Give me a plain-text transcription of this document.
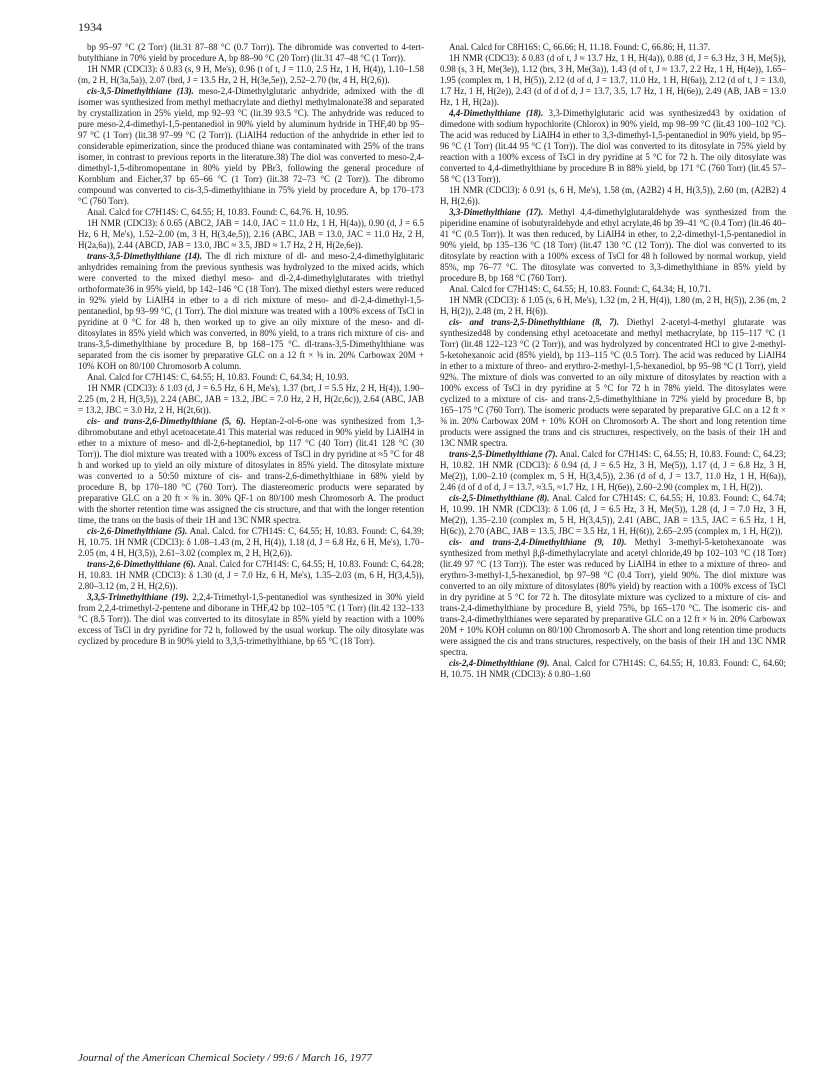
1934

bp 95–97 °C (2 Torr) (lit.31 87–88 °C (0.7 Torr)). The dibromide was converted to 4-tert-butylthiane in 70% yield by procedure A, bp 88–90 °C (20 Torr) (lit.31 47–48 °C (1 Torr)).

1H NMR (CDCl3): δ 0.83 (s, 9 H, Me's), 0.96 (t of t, J = 11.0, 2.5 Hz, 1 H, H(4)), 1.10–1.58 (m, 2 H, H(3a,5a)), 2.07 (brd, J = 13.5 Hz, 2 H, H(3e,5e)), 2.52–2.70 (br, 4 H, H(2,6)).

cis-3,5-Dimethylthiane (13). meso-2,4-Dimethylglutaric anhydride, admixed with the dl isomer was synthesized from methyl methacrylate and diethyl methylmalonate38 and separated by crystallization in 25% yield, mp 92–93 °C (lit.39 93.5 °C). The anhydride was reduced to pure meso-2,4-dimethyl-1,5-pentanediol in 90% yield by aluminum hydride in THF,40 bp 95–97 °C (1 Torr) (lit.38 97–99 °C (2 Torr)). (LiAlH4 reduction of the anhydride in ether led to considerable epimerization, since the produced thiane was contaminated with 25% of the trans isomer, in contrast to previous reports in the literature.38) The diol was converted to meso-2,4-dimethyl-1,5-dibromopentane in 80% yield by PBr3, following the general procedure of Kornblum and Eicher,37 bp 65–66 °C (1 Torr) (lit.38 72–73 °C (2 Torr)). The dibromo compound was converted to cis-3,5-dimethylthiane in 75% yield by procedure A, bp 170–173 °C (760 Torr).

Anal. Calcd for C7H14S: C, 64.55; H, 10.83. Found: C, 64.76. H, 10.95.

1H NMR (CDCl3): δ 0.65 (ABC2, JAB = 14.0, JAC = 11.0 Hz, 1 H, H(4a)), 0.90 (d, J = 6.5 Hz, 6 H, Me's), 1.52–2.00 (m, 3 H, H(3,4e,5)), 2.16 (ABC, JAB = 13.0, JAC = 11.0 Hz, 2 H, H(2a,6a)), 2.44 (ABCD, JAB = 13.0, JBC ≈ 3.5, JBD ≈ 1.7 Hz, 2 H, H(2e,6e)).

trans-3,5-Dimethylthiane (14). The dl rich mixture of dl- and meso-2,4-dimethylglutaric anhydrides remaining from the previous synthesis was hydrolyzed to the mixed acids, which were converted to the mixed diethyl meso- and dl-2,4-dimethylglutarates with triethyl orthoformate36 in 95% yield, bp 142–146 °C (18 Torr). The mixed diethyl esters were reduced in 92% yield by LiAlH4 in ether to a dl rich mixture of meso- and dl-2,4-dimethyl-1,5-pentanediol, bp 93–99 °C, (1 Torr). The diol mixture was treated with a 100% excess of TsCl in pyridine at 0 °C for 48 h, then worked up to give an oily mixture of the meso- and dl-ditosylates in 85% yield which was converted, in 80% yield, to a trans rich mixture of cis- and trans-3,5-dimethylthiane by procedure B, bp 168–175 °C. dl-trans-3,5-Dimethylthiane was separated from the cis isomer by preparative GLC on a 12 ft × ⅜ in. 20% Carbowax 20M + 10% KOH on 80/100 Chromosorb A column.

Anal. Calcd for C7H14S: C, 64.55; H, 10.83. Found: C, 64.34; H, 10.93.

1H NMR (CDCl3): δ 1.03 (d, J = 6.5 Hz, 6 H, Me's), 1.37 (brt, J = 5.5 Hz, 2 H, H(4)), 1.90–2.25 (m, 2 H, H(3,5)), 2.24 (ABC, JAB = 13.2, JBC = 7.0 Hz, 2 H, H(2c,6c)), 2.64 (ABC, JAB = 13.2, JBC = 3.0 Hz, 2 H, H(2t,6t)).

cis- and trans-2,6-Dimethylthiane (5, 6). Heptan-2-ol-6-one was synthesized from 1,3-dibromobutane and ethyl acetoacetate.41 This material was reduced in 90% yield by LiAlH4 in ether to a mixture of meso- and dl-2,6-heptanediol, bp 117 °C (40 Torr) (lit.41 128 °C (30 Torr)). The diol mixture was treated with a 100% excess of TsCl in dry pyridine at ≈5 °C for 48 h and worked up to yield an oily mixture of ditosylates in 85% yield. The ditosylate mixture was converted to a 50:50 mixture of cis- and trans-2,6-dimethylthiane in 68% yield by procedure B, bp 170–180 °C (760 Torr). The diastereomeric products were separated by preparative GLC on a 20 ft × ⅜ in. 30% QF-1 on 80/100 mesh Chromosorb A. The product with the shorter retention time was assigned the cis structure, and that with the longer retention time, the trans on the basis of their 1H and 13C NMR spectra.

cis-2,6-Dimethylthiane (5). Anal. Calcd. for C7H14S: C, 64.55; H, 10.83. Found: C, 64.39; H, 10.75. 1H NMR (CDCl3): δ 1.08–1.43 (m, 2 H, H(4)), 1.18 (d, J = 6.8 Hz, 6 H, Me's), 1.70–2.05 (m, 4 H, H(3,5)), 2.61–3.02 (complex m, 2 H, H(2,6)).

trans-2,6-Dimethylthiane (6). Anal. Calcd for C7H14S: C, 64.55; H, 10.83. Found: C, 64.28; H, 10.83. 1H NMR (CDCl3): δ 1.30 (d, J = 7.0 Hz, 6 H, Me's), 1.35–2.03 (m, 6 H, H(3,4,5)), 2.80–3.12 (m, 2 H, H(2,6)).

3,3,5-Trimethylthiane (19). 2,2,4-Trimethyl-1,5-pentanediol was synthesized in 30% yield from 2,2,4-trimethyl-2-pentene and diborane in THF,42 bp 102–105 °C (1 Torr) (lit.42 132–133 °C (8.5 Torr)). The diol was converted to its ditosylate in 85% yield by reaction with a 100% excess of TsCl in dry pyridine for 72 h, followed by the usual workup. The oily ditosylate was cyclized by procedure B in 90% yield to 3,3,5-trimethylthiane, bp 65 °C (18 Torr).

Anal. Calcd for C8H16S: C, 66.66; H, 11.18. Found: C, 66.86; H, 11.37.

1H NMR (CDCl3): δ 0.83 (d of t, J ≈ 13.7 Hz, 1 H, H(4a)), 0.88 (d, J = 6.3 Hz, 3 H, Me(5)), 0.98 (s, 3 H, Me(3e)), 1.12 (brs, 3 H, Me(3a)), 1.43 (d of t, J ≈ 13.7, 2.2 Hz, 1 H, H(4e)), 1.65–1.95 (complex m, 1 H, H(5)), 2.12 (d of d, J = 13.7, 11.0 Hz, 1 H, H(6a)), 2.12 (d of t, J = 13.0, 1.7 Hz, 1 H, H(2e)), 2.43 (d of d of d, J = 13.7, 3.5, 1.7 Hz, 1 H, H(6e)), 2.49 (AB, JAB = 13.0 Hz, 1 H, H(2a)).

4,4-Dimethylthiane (18). 3,3-Dimethylglutaric acid was synthesized43 by oxidation of dimedone with sodium hypochlorite (Chlorox) in 90% yield, mp 98–99 °C (lit.43 100–102 °C). The acid was reduced by LiAlH4 in ether to 3,3-dimethyl-1,5-pentanediol in 90% yield, bp 95–96 °C (1 Torr) (lit.44 95 °C (1 Torr)). The diol was converted to its ditosylate in 75% yield by reaction with a 100% excess of TsCl in dry pyridine at 5 °C for 72 h. The oily ditosylate was converted to 4,4-dimethylthiane by procedure B in 88% yield, bp 171 °C (760 Torr) (lit.45 57–58 °C (13 Torr)).

1H NMR (CDCl3): δ 0.91 (s, 6 H, Me's), 1.58 (m, (A2B2) 4 H, H(3,5)), 2.60 (m, (A2B2) 4 H, H(2,6)).

3,3-Dimethylthiane (17). Methyl 4,4-dimethylglutaraldehyde was synthesized from the piperidine enamine of isobutyraldehyde and ethyl acrylate,46 bp 39–41 °C (0.4 Torr) (lit.46 40–41 °C (0.5 Torr)). It was then reduced, by LiAlH4 in ether, to 2,2-dimethyl-1,5-pentanediol in 90% yield, bp 135–136 °C (18 Torr) (lit.47 130 °C (12 Torr)). The diol was converted to its ditosylate by reaction with a 100% excess of TsCl for 48 h followed by normal workup, yield 85%, mp 76–77 °C. The ditosylate was converted to 3,3-dimethylthiane in 85% yield by procedure B, bp 168 °C (760 Torr).

Anal. Calcd for C7H14S: C, 64.55; H, 10.83. Found: C, 64.34; H, 10.71.

1H NMR (CDCl3): δ 1.05 (s, 6 H, Me's), 1.32 (m, 2 H, H(4)), 1.80 (m, 2 H, H(5)), 2.36 (m, 2 H, H(2)), 2.48 (m, 2 H, H(6)).

cis- and trans-2,5-Dimethylthiane (8, 7). Diethyl 2-acetyl-4-methyl glutarate was synthesized48 by condensing ethyl acetoacetate and methyl methacrylate, bp 115–117 °C (1 Torr) (lit.48 122–123 °C (2 Torr)), and was hydrolyzed by concentrated HCl to give 2-methyl-5-ketohexanoic acid (85% yield), bp 113–115 °C (0.5 Torr). The acid was reduced by LiAlH4 in ether to a mixture of threo- and erythro-2-methyl-1,5-hexanediol, bp 95–98 °C (1 Torr), yield 92%. The mixture of diols was converted to an oily mixture of ditosylates by reaction with a 100% excess of TsCl in dry pyridine at 5 °C for 72 h in 78% yield. The ditosylates were cyclized to a mixture of cis- and trans-2,5-dimethylthiane in 72% yield by procedure B, bp 165–175 °C (760 Torr). The isomeric products were separated by preparative GLC on a 12 ft × ⅜ in. 20% Carbowax 20M + 10% KOH on Chromosorb A. The short and long retention time products were assigned the trans and cis structures, respectively, on the basis of their 1H and 13C NMR spectra.

trans-2,5-Dimethylthiane (7). Anal. Calcd for C7H14S: C, 64.55; H, 10.83. Found: C, 64.23; H, 10.82. 1H NMR (CDCl3): δ 0.94 (d, J = 6.5 Hz, 3 H, Me(5)), 1.17 (d, J = 6.8 Hz, 3 H, Me(2)), 1.00–2.10 (complex m, 5 H, H(3,4,5)), 2.36 (d of d, J = 13.7, 11.0 Hz, 1 H, H(6a)), 2.46 (d of d of d, J = 13.7, ≈3.5, ≈1.7 Hz, 1 H, H(6e)), 2.60–2.90 (complex m, 1 H, H(2)).

cis-2,5-Dimethylthiane (8). Anal. Calcd for C7H14S: C, 64.55; H, 10.83. Found: C, 64.74; H, 10.99. 1H NMR (CDCl3): δ 1.06 (d, J = 6.5 Hz, 3 H, Me(5)), 1.28 (d, J = 7.0 Hz, 3 H, Me(2)), 1.35–2.10 (complex m, 5 H, H(3,4,5)), 2.41 (ABC, JAB = 13.5, JAC = 6.5 Hz, 1 H, H(6c)), 2.70 (ABC, JAB = 13.5, JBC = 3.5 Hz, 1 H, H(6t)), 2.65–2.95 (complex m, 1 H, H(2)).

cis- and trans-2,4-Dimethylthiane (9, 10). Methyl 3-methyl-5-ketohexanoate was synthesized from methyl β,β-dimethylacrylate and acetyl chloride,49 bp 102–103 °C (18 Torr) (lit.49 97 °C (13 Torr)). The ester was reduced by LiAlH4 in ether to a mixture of threo- and erythro-3-methyl-1,5-hexanediol, bp 97–98 °C (0.4 Torr), yield 90%. The diol mixture was converted to an oily mixture of ditosylates (80% yield) by reaction with a 100% excess of TsCl in dry pyridine at 5 °C for 72 h. The ditosylate mixture was cyclized to a mixture of cis- and trans-2,4-dimethylthiane by procedure B, yield 75%, bp 165–170 °C. The isomeric cis- and trans-2,4-dimethylthianes were separated by preparative GLC on a 12 ft × ⅜ in. 20% Carbowax 20M + 10% KOH column on 80/100 Chromosorb A. The short and long retention time products were assigned the cis and trans structures, respectively, on the basis of their 1H and 13C NMR spectra.

cis-2,4-Dimethylthiane (9). Anal. Calcd for C7H14S: C, 64.55; H, 10.83. Found: C, 64.60; H, 10.75. 1H NMR (CDCl3): δ 0.80–1.60

Journal of the American Chemical Society / 99:6 / March 16, 1977
